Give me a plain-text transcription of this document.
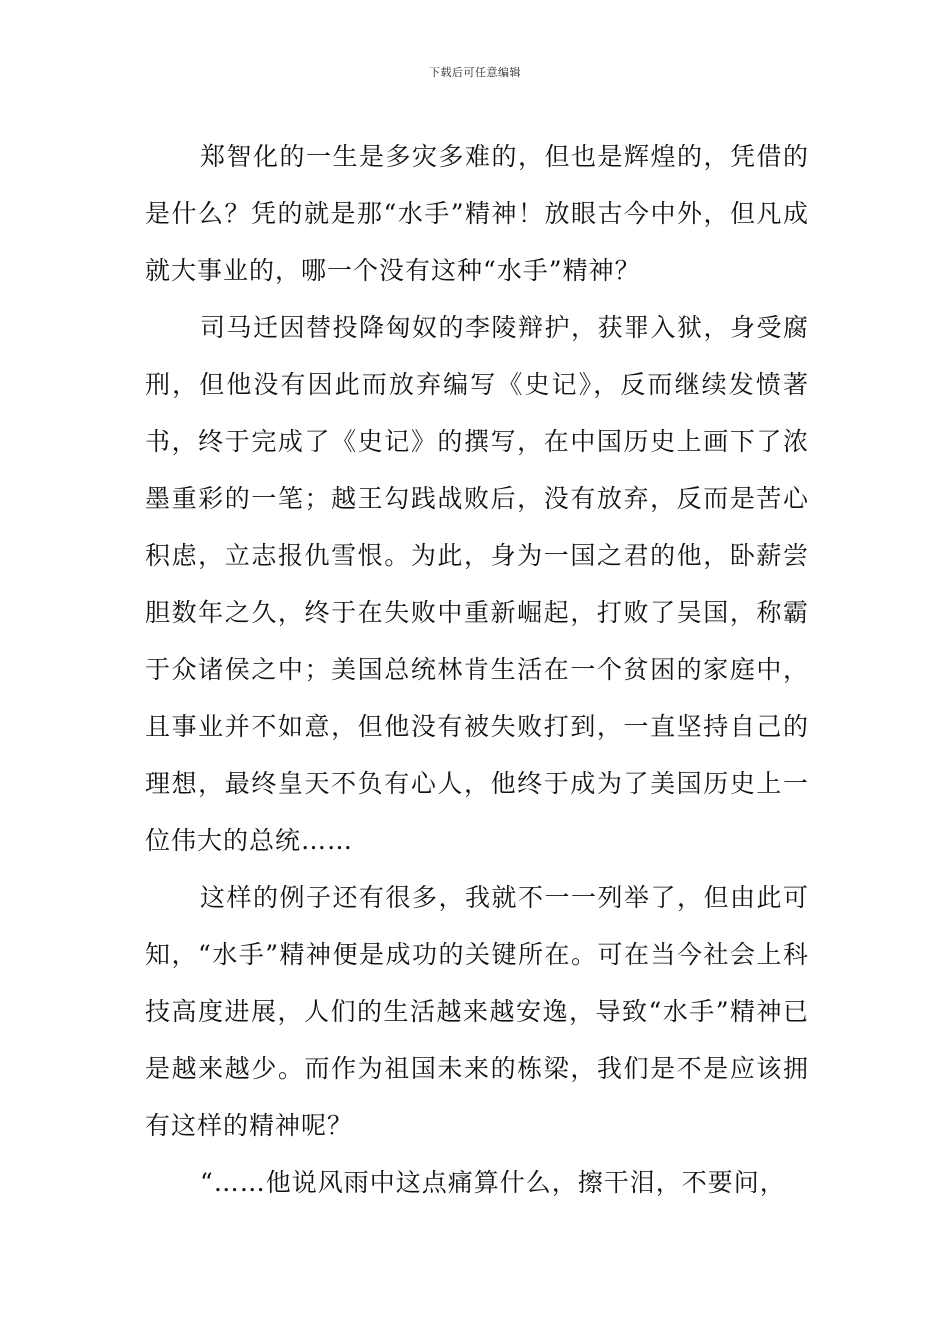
下载后可任意编辑

郑智化的一生是多灾多难的，但也是辉煌的，凭借的是什么？凭的就是那“水手”精神！放眼古今中外，但凡成就大事业的，哪一个没有这种“水手”精神？

司马迁因替投降匈奴的李陵辩护，获罪入狱，身受腐刑，但他没有因此而放弃编写《史记》，反而继续发愤著书，终于完成了《史记》的撰写，在中国历史上画下了浓墨重彩的一笔；越王勾践战败后，没有放弃，反而是苦心积虑，立志报仇雪恨。为此，身为一国之君的他，卧薪尝胆数年之久，终于在失败中重新崛起，打败了吴国，称霸于众诸侯之中；美国总统林肯生活在一个贫困的家庭中，且事业并不如意，但他没有被失败打到，一直坚持自己的理想，最终皇天不负有心人，他终于成为了美国历史上一位伟大的总统……

这样的例子还有很多，我就不一一列举了，但由此可知，“水手”精神便是成功的关键所在。可在当今社会上科技高度进展，人们的生活越来越安逸，导致“水手”精神已是越来越少。而作为祖国未来的栋梁，我们是不是应该拥有这样的精神呢？

“……他说风雨中这点痛算什么，擦干泪，不要问，
